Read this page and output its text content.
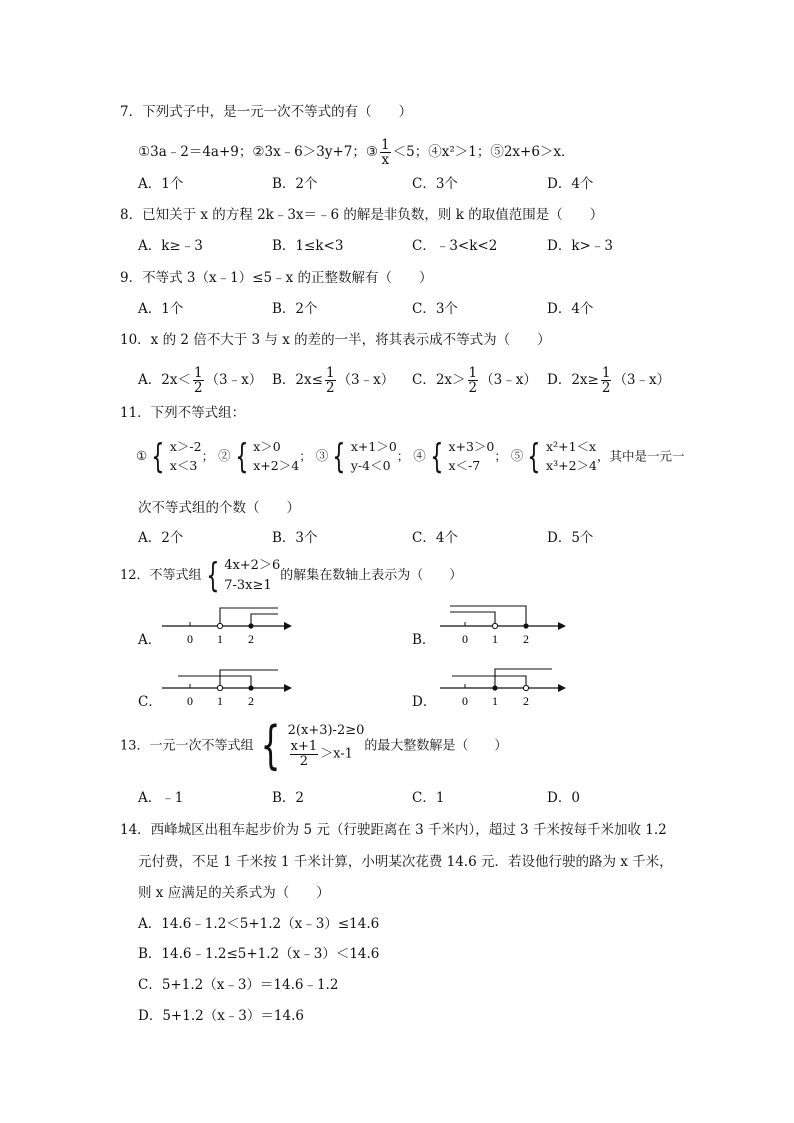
7．下列式子中，是一元一次不等式的有（　　）
①3a﹣2＝4a+9；②3x﹣6＞3y+7；③ $\frac{1}{x} <5$；④x²＞1；⑤2x+6＞x．
A．1个	B．2个	C．3个	D．4个
8．已知关于 x 的方程 2k﹣3x＝﹣6 的解是非负数，则 k 的取值范围是（　　）
A．k≥﹣3	B．1≤k<3	C．﹣3<k<2	D．k>﹣3
9．不等式 3（x﹣1）≤5﹣x 的正整数解有（　　）
A．1个	B．2个	C．3个	D．4个
10．x 的 2 倍不大于 3 与 x 的差的一半，将其表示成不等式为（　　）
A．$2x< \frac{1}{2}$ （3﹣x） B．$2x\le \frac{1}{2}$ （3﹣x） C．$2x> \frac{1}{2}$ （3﹣x） D．$2x\ge \frac{1}{2}$ （3﹣x）
11．下列不等式组：
① { x＞-2
x＜3
； ② { x＞0
x+2＞4
； ③ { x+1＞0
y-4＜0
； ④ { x+3＞0
x＜-7
； ⑤ { x²+1＜x
x³+2＞4
，其中是一元一
次不等式组的个数（　　）
A．2个	B．3个	C．4个	D．5个
12．不等式组 { 4x+2＞6
7-3x≥1
的解集在数轴上表示为（　　）
A． 0 1 2	B． 0 1 2
C． 0 1 2	D． 0 1 2
13．一元一次不等式组 { 2(x+3)-2≥0
$\frac{x+1}{2} >x-1$
的最大整数解是（　　）
A．﹣1	B．2	C．1	D．0
14．西峰城区出租车起步价为 5 元（行驶距离在 3 千米内），超过 3 千米按每千米加收 1.2
元付费，不足 1 千米按 1 千米计算，小明某次花费 14.6 元．若设他行驶的路为 x 千米，
则 x 应满足的关系式为（　　）
A．14.6﹣1.2＜5+1.2（x﹣3）≤14.6
B．14.6﹣1.2≤5+1.2（x﹣3）＜14.6
C．5+1.2（x﹣3）＝14.6﹣1.2
D．5+1.2（x﹣3）＝14.6
